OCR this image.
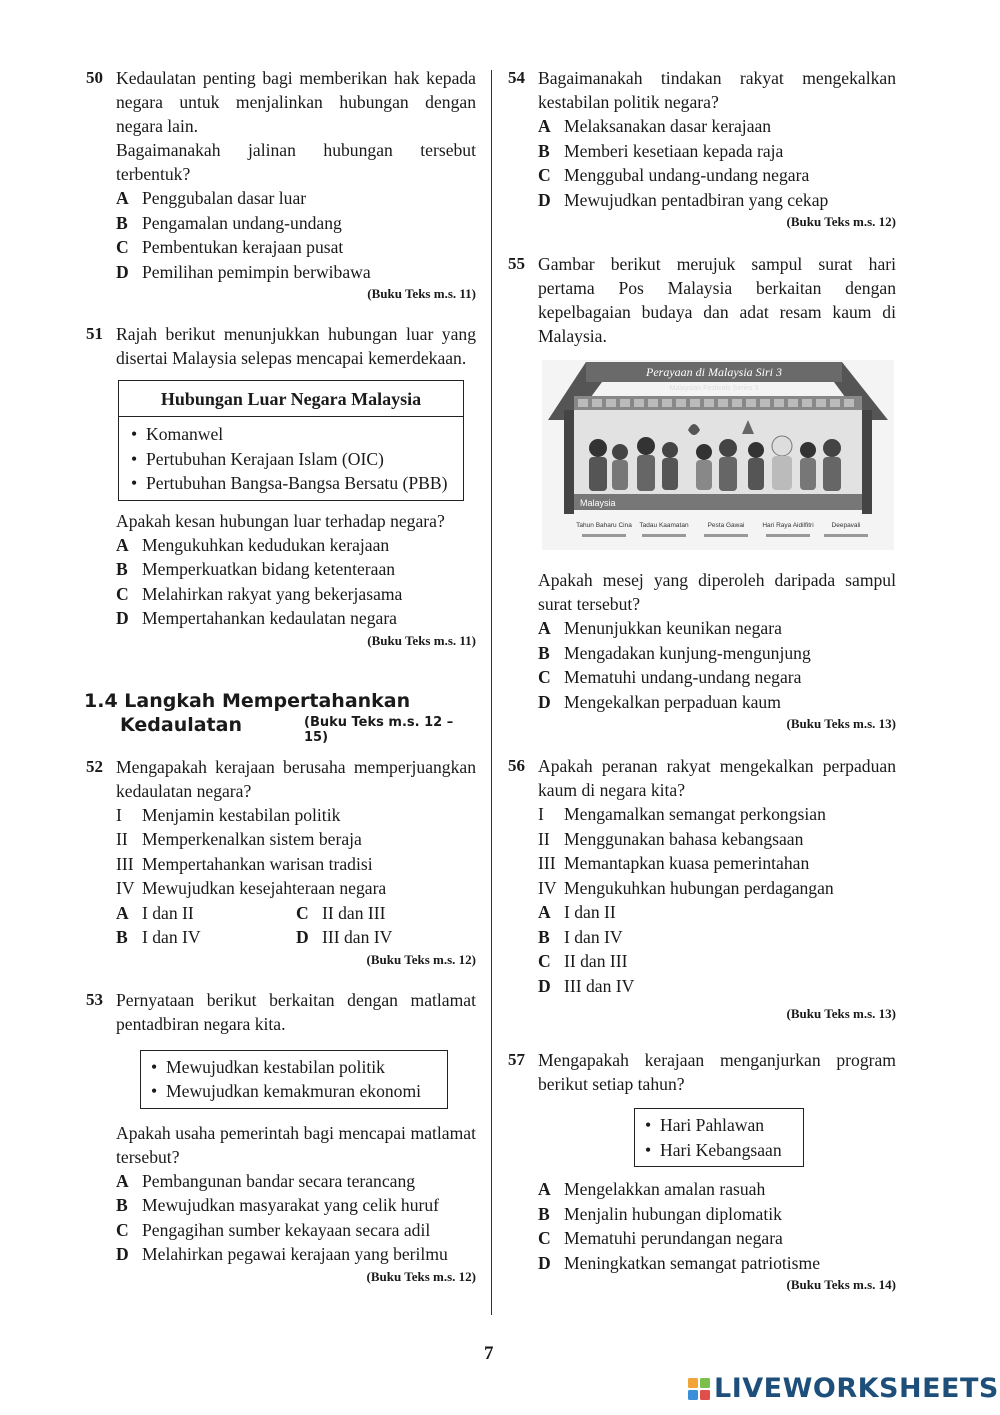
50 Kedaulatan penting bagi memberikan hak kepada negara untuk menjalinkan hubungan dengan negara lain.

Bagaimanakah jalinan hubungan tersebut terbentuk?

A Penggubalan dasar luar
B Pengamalan undang-undang
C Pembentukan kerajaan pusat
D Pemilihan pemimpin berwibawa

(Buku Teks m.s. 11)

51 Rajah berikut menunjukkan hubungan luar yang disertai Malaysia selepas mencapai kemerdekaan.

Hubungan Luar Negara Malaysia
• Komanwel
• Pertubuhan Kerajaan Islam (OIC)
• Pertubuhan Bangsa-Bangsa Bersatu (PBB)

Apakah kesan hubungan luar terhadap negara?

A Mengukuhkan kedudukan kerajaan
B Memperkuatkan bidang ketenteraan
C Melahirkan rakyat yang bekerjasama
D Mempertahankan kedaulatan negara

(Buku Teks m.s. 11)

1.4 Langkah Mempertahankan
Kedaulatan	(Buku Teks m.s. 12 – 15)
52 Mengapakah kerajaan berusaha memperjuangkan kedaulatan negara?

I	Menjamin kestabilan politik
II Memperkenalkan sistem beraja
III Mempertahankan warisan tradisi
IV Mewujudkan kesejahteraan negara
A I dan II	C II dan III
B I dan IV	D III dan IV

(Buku Teks m.s. 12)

53 Pernyataan berikut berkaitan dengan matlamat pentadbiran negara kita.

• Mewujudkan kestabilan politik
• Mewujudkan kemakmuran ekonomi

Apakah usaha pemerintah bagi mencapai matlamat tersebut?

A Pembangunan bandar secara terancang
B Mewujudkan masyarakat yang celik huruf
C Pengagihan sumber kekayaan secara adil
D Melahirkan pegawai kerajaan yang berilmu

(Buku Teks m.s. 12)

54 Bagaimanakah tindakan rakyat mengekalkan kestabilan politik negara?

A Melaksanakan dasar kerajaan
B Memberi kesetiaan kepada raja
C Menggubal undang-undang negara
D Mewujudkan pentadbiran yang cekap

(Buku Teks m.s. 12)

55 Gambar berikut merujuk sampul surat hari pertama Pos Malaysia berkaitan dengan kepelbagaian budaya dan adat resam kaum di Malaysia.

Perayaan di Malaysia Siri 3
Malaysian Festivals Series 3
Malaysia
Tahun Baharu Cina Tadau Kaamatan	Pesta Gawai	Hari Raya Aidilfitri	Deepavali

Apakah mesej yang diperoleh daripada sampul surat tersebut?

A Menunjukkan keunikan negara
B Mengadakan kunjung-mengunjung
C Mematuhi undang-undang negara
D Mengekalkan perpaduan kaum

(Buku Teks m.s. 13)

56 Apakah peranan rakyat mengekalkan perpaduan kaum di negara kita?

I	Mengamalkan semangat perkongsian
II Menggunakan bahasa kebangsaan
III Memantapkan kuasa pemerintahan
IV Mengukuhkan hubungan perdagangan
A I dan II
B I dan IV
C II dan III
D III dan IV

(Buku Teks m.s. 13)

57 Mengapakah kerajaan menganjurkan program berikut setiap tahun?

• Hari Pahlawan
• Hari Kebangsaan
A Mengelakkan amalan rasuah
B Menjalin hubungan diplomatik
C Mematuhi perundangan negara
D Meningkatkan semangat patriotisme

(Buku Teks m.s. 14)

7
LIVEWORKSHEETS
